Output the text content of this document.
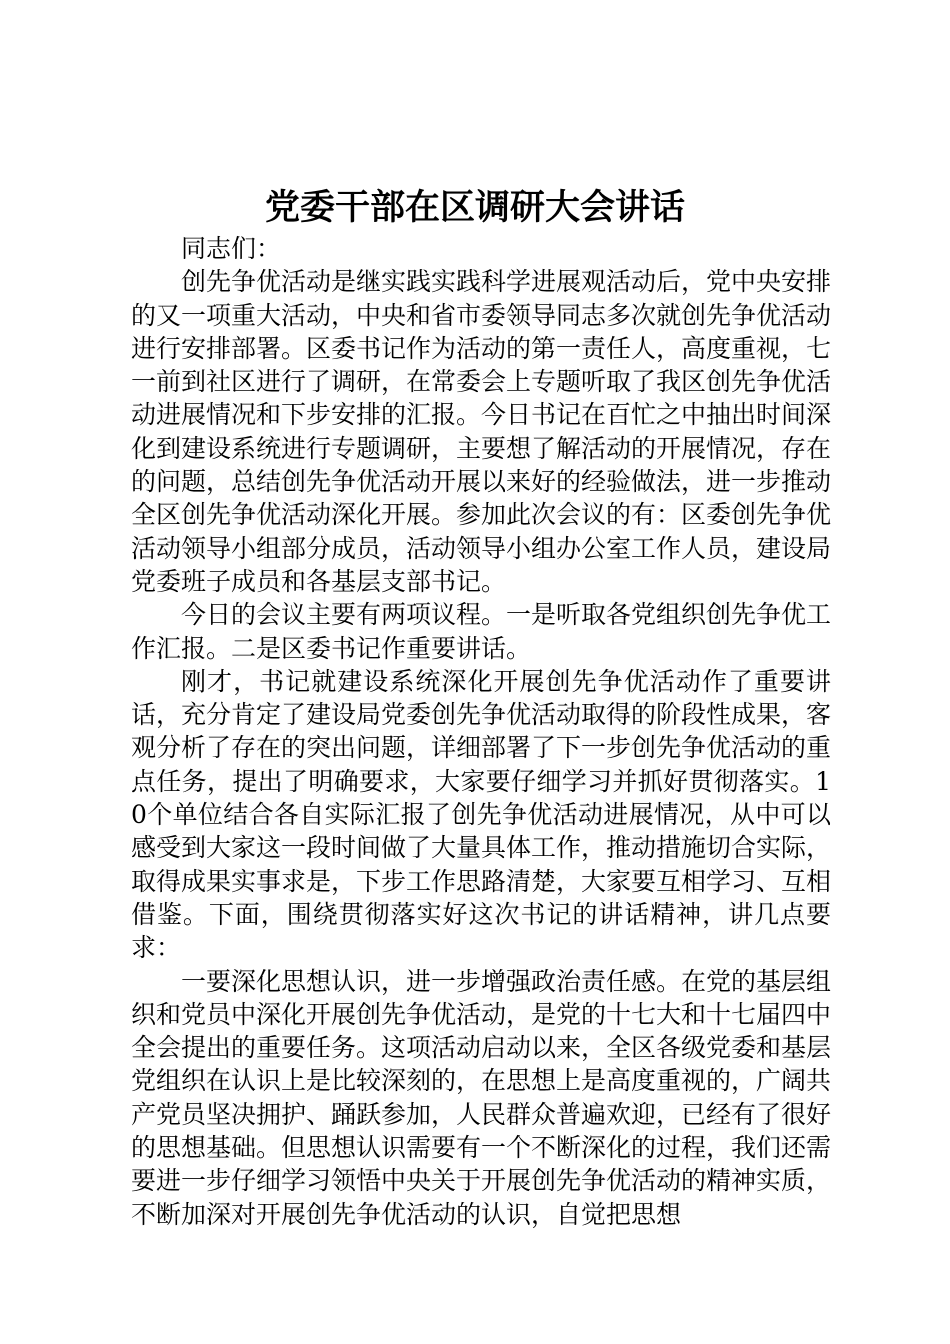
党委干部在区调研大会讲话

同志们：

创先争优活动是继实践实践科学进展观活动后，党中央安排的又一项重大活动，中央和省市委领导同志多次就创先争优活动进行安排部署。区委书记作为活动的第一责任人，高度重视，七一前到社区进行了调研，在常委会上专题听取了我区创先争优活动进展情况和下步安排的汇报。今日书记在百忙之中抽出时间深化到建设系统进行专题调研，主要想了解活动的开展情况，存在的问题，总结创先争优活动开展以来好的经验做法，进一步推动全区创先争优活动深化开展。参加此次会议的有：区委创先争优活动领导小组部分成员，活动领导小组办公室工作人员，建设局党委班子成员和各基层支部书记。

今日的会议主要有两项议程。一是听取各党组织创先争优工作汇报。二是区委书记作重要讲话。

刚才，书记就建设系统深化开展创先争优活动作了重要讲话，充分肯定了建设局党委创先争优活动取得的阶段性成果，客观分析了存在的突出问题，详细部署了下一步创先争优活动的重点任务，提出了明确要求，大家要仔细学习并抓好贯彻落实。10个单位结合各自实际汇报了创先争优活动进展情况，从中可以感受到大家这一段时间做了大量具体工作，推动措施切合实际，取得成果实事求是，下步工作思路清楚，大家要互相学习、互相借鉴。下面，围绕贯彻落实好这次书记的讲话精神，讲几点要求：

一要深化思想认识，进一步增强政治责任感。在党的基层组织和党员中深化开展创先争优活动，是党的十七大和十七届四中全会提出的重要任务。这项活动启动以来，全区各级党委和基层党组织在认识上是比较深刻的，在思想上是高度重视的，广阔共产党员坚决拥护、踊跃参加，人民群众普遍欢迎，已经有了很好的思想基础。但思想认识需要有一个不断深化的过程，我们还需要进一步仔细学习领悟中央关于开展创先争优活动的精神实质，不断加深对开展创先争优活动的认识，自觉把思想
